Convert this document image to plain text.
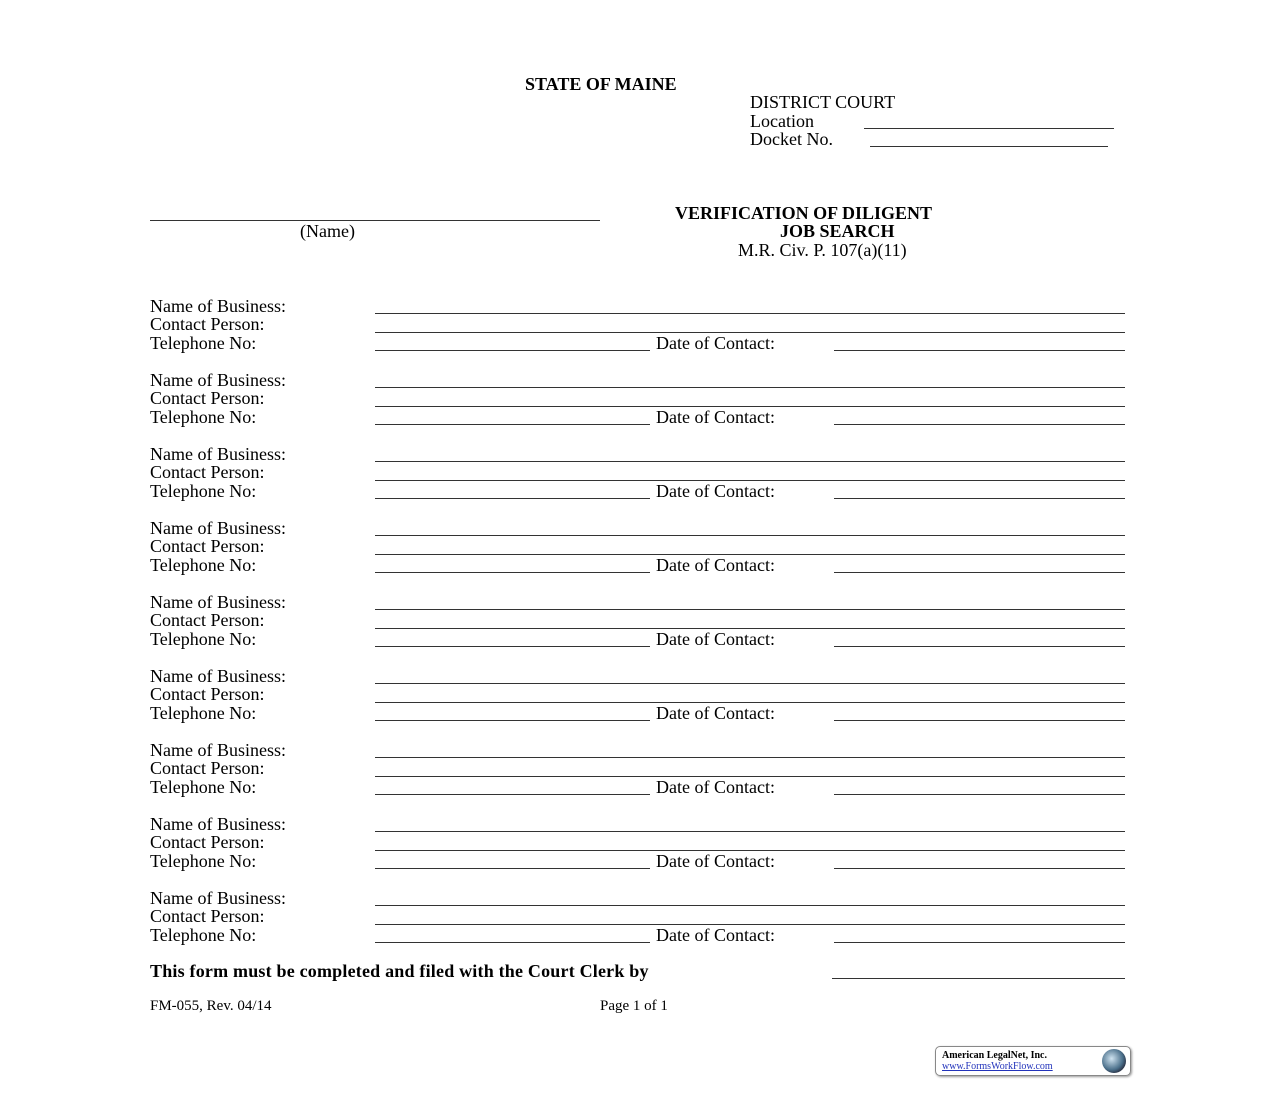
STATE OF MAINE
DISTRICT COURT
Location
Docket No.
(Name)
VERIFICATION OF DILIGENT
JOB SEARCH
M.R. Civ. P. 107(a)(11)
Name of Business:
Contact Person:
Telephone No:	Date of Contact:
Name of Business:
Contact Person:
Telephone No:	Date of Contact:
Name of Business:
Contact Person:
Telephone No:	Date of Contact:
Name of Business:
Contact Person:
Telephone No:	Date of Contact:
Name of Business:
Contact Person:
Telephone No:	Date of Contact:
Name of Business:
Contact Person:
Telephone No:	Date of Contact:
Name of Business:
Contact Person:
Telephone No:	Date of Contact:
Name of Business:
Contact Person:
Telephone No:	Date of Contact:
Name of Business:
Contact Person:
Telephone No:	Date of Contact:
This form must be completed and filed with the Court Clerk by
FM-055, Rev. 04/14	Page 1 of 1
American LegalNet, Inc.
www.FormsWorkFlow.com
